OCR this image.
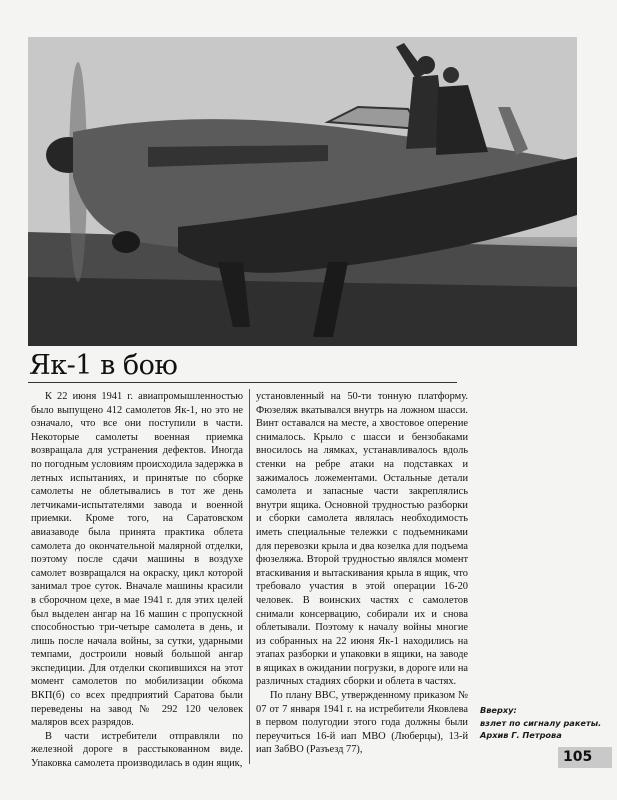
Як-1 в бою

К 22 июня 1941 г. авиапромышленностью было выпущено 412 самолетов Як-1, но это не означало, что все они поступили в части. Некоторые самолеты военная приемка возвращала для устранения дефектов. Иногда по погодным условиям происходила задержка в летных испытаниях, и принятые по сборке самолеты не облетывались в тот же день летчиками-испытателями завода и военной приемки. Кроме того, на Саратовском авиазаводе была принята практика облета самолета до окончательной малярной отделки, поэтому после сдачи машины в воздухе самолет возвращался на окраску, цикл которой занимал трое суток. Вначале машины красили в сборочном цехе, в мае 1941 г. для этих целей был выделен ангар на 16 машин с пропускной способностью три-четыре самолета в день, и лишь после начала войны, за сутки, ударными темпами, достроили новый большой ангар экспедиции. Для отделки скопившихся на этот момент самолетов по мобилизации обкома ВКП(б) со всех предприятий Саратова были переведены на завод № 292 120 человек маляров всех разрядов.

В части истребители отправляли по железной дороге в расстыкованном виде. Упаковка самолета производилась в один ящик,

установленный на 50-ти тонную платформу. Фюзеляж вкатывался внутрь на ложном шасси. Винт оставался на месте, а хвостовое оперение снималось. Крыло с шасси и бензобаками вносилось на лямках, устанавливалось вдоль стенки на ребре атаки на подставках и зажималось ложементами. Остальные детали самолета и запасные части закреплялись внутри ящика. Основной трудностью разборки и сборки самолета являлась необходимость иметь специальные тележки с подъемниками для перевозки крыла и два козелка для подъема фюзеляжа. Второй трудностью являлся момент втаскивания и вытаскивания крыла в ящик, что требовало участия в этой операции 16-20 человек. В воинских частях с самолетов снимали консервацию, собирали их и снова облетывали. Поэтому к началу войны многие из собранных на 22 июня Як-1 находились на этапах разборки и упаковки в ящики, на заводе в ящиках в ожидании погрузки, в дороге или на различных стадиях сборки и облета в частях.

По плану ВВС, утвержденному приказом № 07 от 7 января 1941 г. на истребители Яковлева в первом полугодии этого года должны были переучиться 16-й иап МВО (Люберцы), 13-й иап ЗабВО (Разъезд 77),

Вверху:
взлет по сигналу ракеты.
Архив Г. Петрова
105
